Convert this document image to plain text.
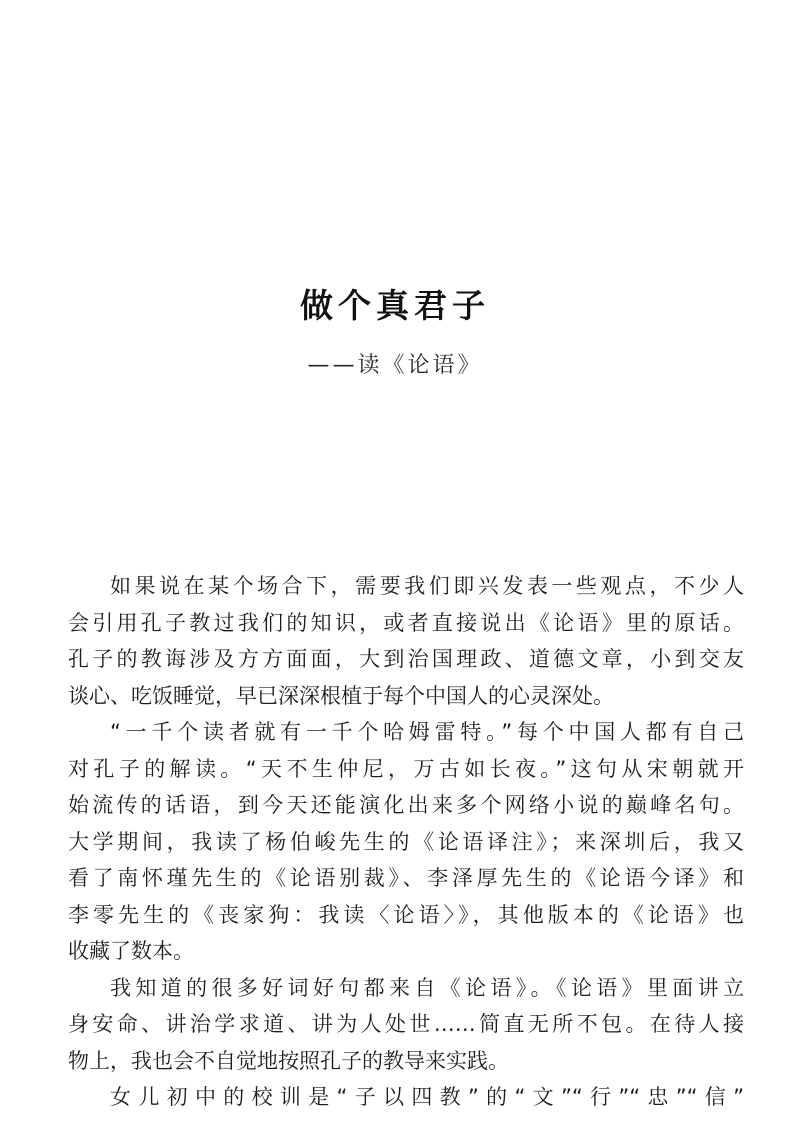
做个真君子
——读《论语》
如果说在某个场合下，需要我们即兴发表一些观点，不少人
会引用孔子教过我们的知识，或者直接说出《论语》里的原话。
孔子的教诲涉及方方面面，大到治国理政、道德文章，小到交友
谈心、吃饭睡觉，早已深深根植于每个中国人的心灵深处。
“一千个读者就有一千个哈姆雷特。”每个中国人都有自己
对孔子的解读。“天不生仲尼，万古如长夜。”这句从宋朝就开
始流传的话语，到今天还能演化出来多个网络小说的巅峰名句。
大学期间，我读了杨伯峻先生的《论语译注》；来深圳后，我又
看了南怀瑾先生的《论语别裁》、李泽厚先生的《论语今译》和
李零先生的《丧家狗：我读〈论语〉》，其他版本的《论语》也
收藏了数本。
我知道的很多好词好句都来自《论语》。《论语》里面讲立
身安命、讲治学求道、讲为人处世……简直无所不包。在待人接
物上，我也会不自觉地按照孔子的教导来实践。
女儿初中的校训是“子以四教”的“文”“行”“忠”“信”
